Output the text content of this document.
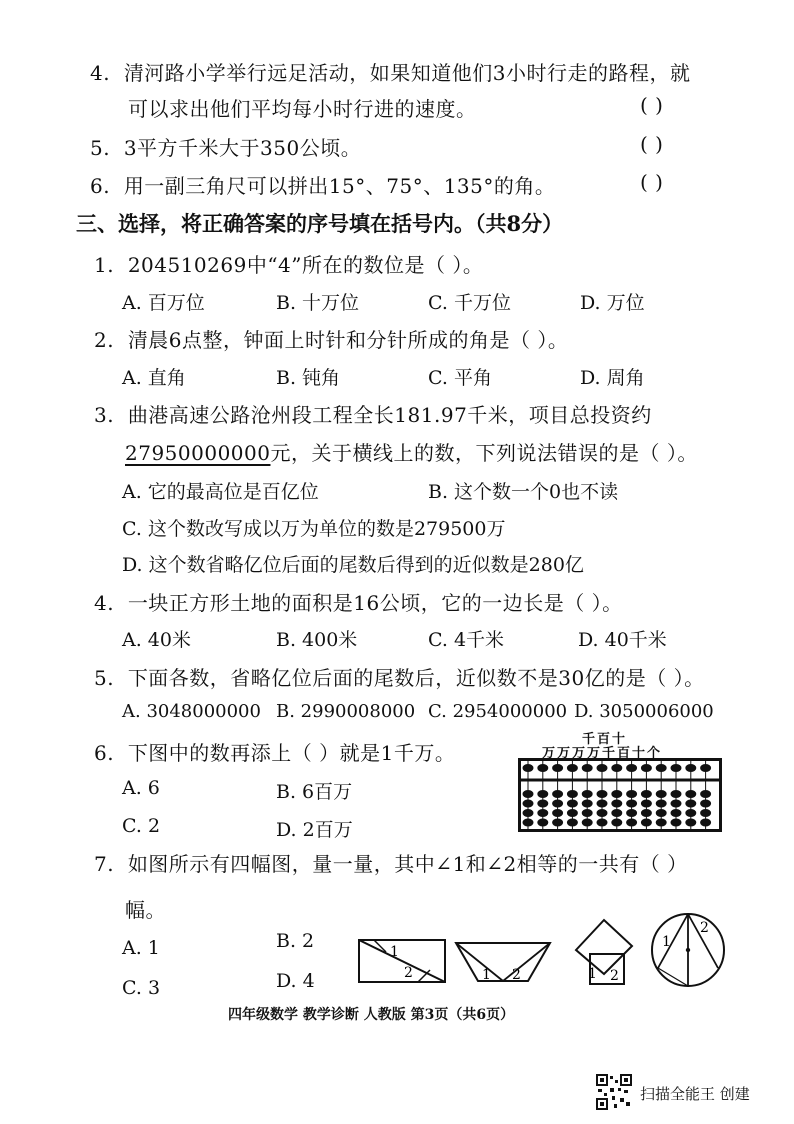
4. 清河路小学举行远足活动，如果知道他们3小时行走的路程，就
可以求出他们平均每小时行进的速度。	( )
5. 3平方千米大于350公顷。	( )
6. 用一副三角尺可以拼出15°、75°、135°的角。	( )
三、选择，将正确答案的序号填在括号内。（共8分）
1. 204510269中“4”所在的数位是（ ）。
A. 百万位	B. 十万位	C. 千万位	D. 万位
2. 清晨6点整，钟面上时针和分针所成的角是（ ）。
A. 直角	B. 钝角	C. 平角	D. 周角
3. 曲港高速公路沧州段工程全长181.97千米，项目总投资约
27950000000元，关于横线上的数，下列说法错误的是（ ）。
A. 它的最高位是百亿位	B. 这个数一个0也不读
C. 这个数改写成以万为单位的数是279500万
D. 这个数省略亿位后面的尾数后得到的近似数是280亿
4. 一块正方形土地的面积是16公顷，它的一边长是（ ）。
A. 40米	B. 400米	C. 4千米	D. 40千米
5. 下面各数，省略亿位后面的尾数后，近似数不是30亿的是（ ）。
A. 3048000000 B. 2990008000 C. 2954000000 D. 3050006000
6. 下图中的数再添上（ ）就是1千万。
A. 6	B. 6百万
C. 2	D. 2百万
千百十
万万万万千百十个
7. 如图所示有四幅图，量一量，其中∠1和∠2相等的一共有（ ）
幅。
A. 1	B. 2
C. 3	D. 4
1
2	1 2	1 2
1
2
四年级数学 教学诊断 人教版 第3页（共6页）
扫描全能王 创建
